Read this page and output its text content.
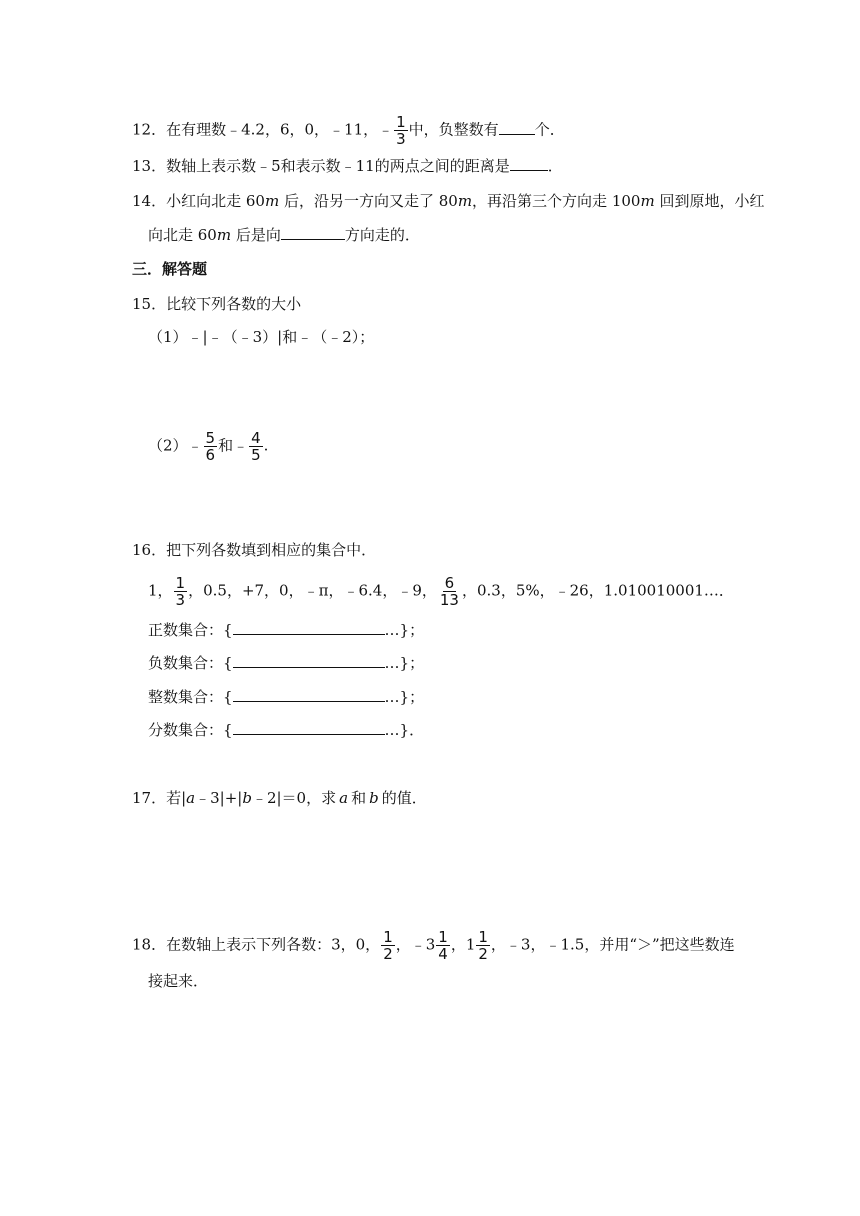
12．在有理数﹣4.2，6，0，﹣11，﹣ $\frac{1}{3}$ 中，负整数有 个．
13．数轴上表示数﹣5和表示数﹣11的两点之间的距离是	．
14．小红向北走 60m 后，沿另一方向又走了 80m，再沿第三个方向走 100m 回到原地，小红
向北走 60m 后是向	方向走的．
三．解答题
15．比较下列各数的大小
（1）﹣|﹣（﹣3）|和﹣（﹣2）；
（2）﹣ $\frac{5}{6}$ 和﹣ $\frac{4}{5}$ .
16．把下列各数填到相应的集合中．
1， $\frac{1}{3}$ ，0.5，+7，0，﹣π，﹣6.4，﹣9， $\frac{6}{13}$ ，0.3，5%，﹣26，1.010010001…．
正数集合：{	…}；
负数集合：{	…}；
整数集合：{	…}；
分数集合：{	…}．
17．若|a﹣3|+|b﹣2|＝0，求 a 和 b 的值．
18．在数轴上表示下列各数：3，0， $\frac{1}{2}$ ，﹣3 $\frac{1}{4}$ ，$1 \frac{1}{2}$ ，﹣3，﹣1.5，并用“＞”把这些数连
接起来．
